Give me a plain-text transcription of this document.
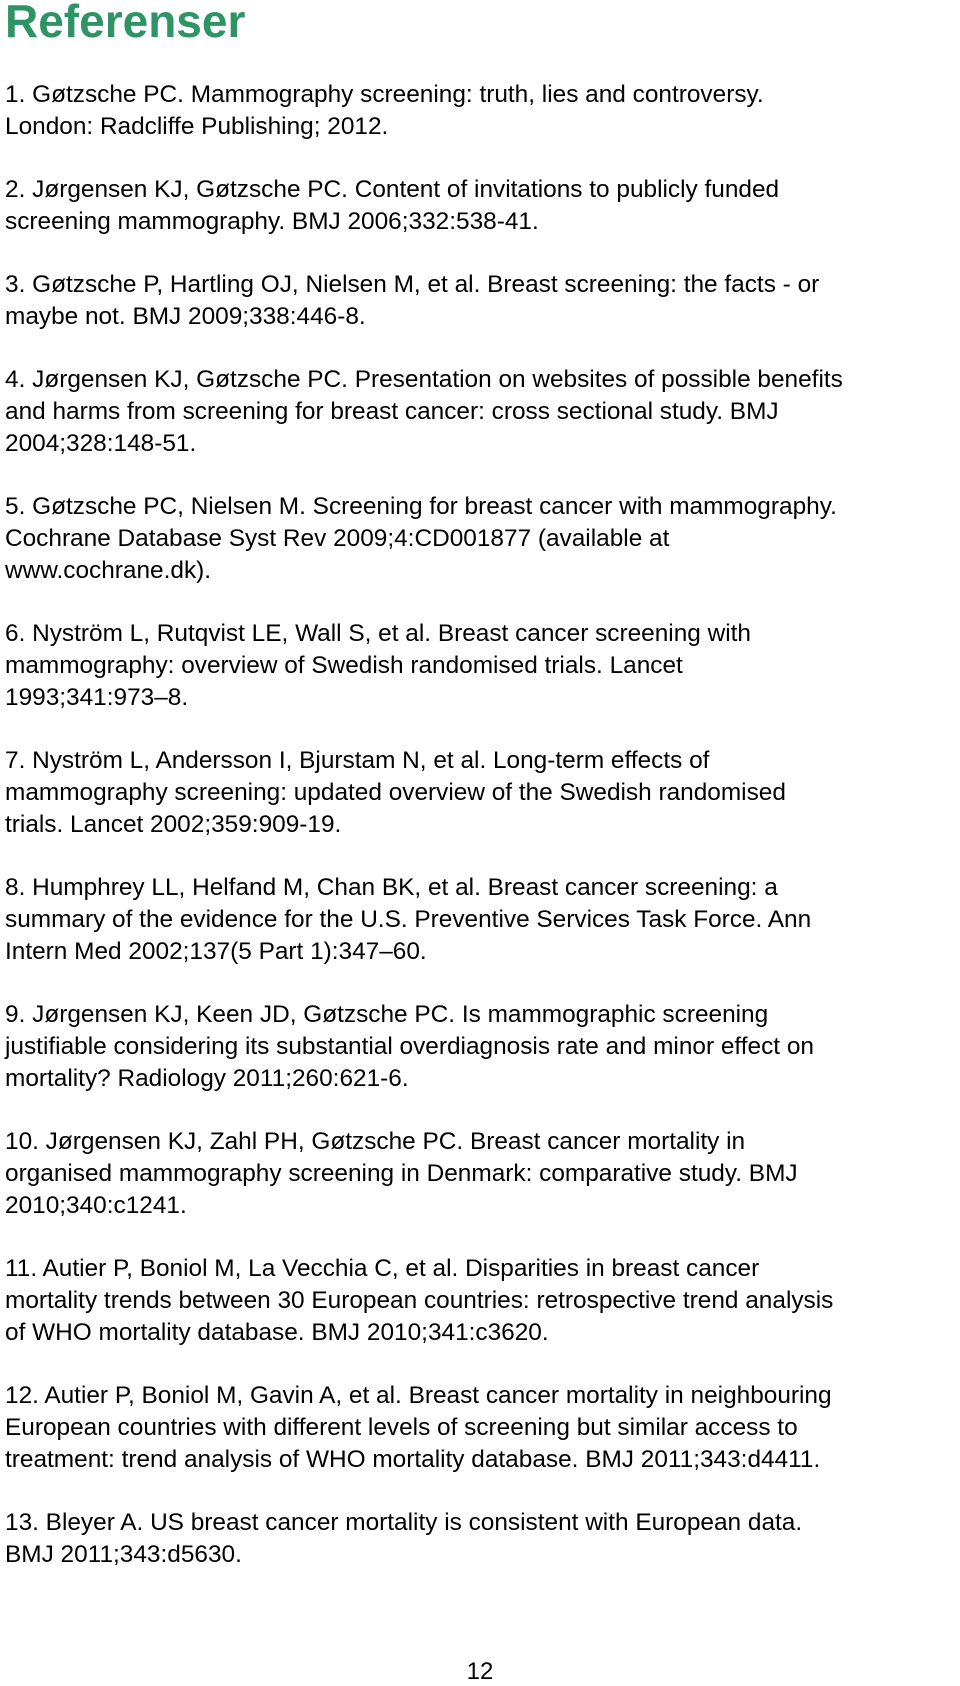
Referenser
1. Gøtzsche PC. Mammography screening: truth, lies and controversy.
London: Radcliffe Publishing; 2012.
2. Jørgensen KJ, Gøtzsche PC. Content of invitations to publicly funded
screening mammography. BMJ 2006;332:538-41.
3. Gøtzsche P, Hartling OJ, Nielsen M, et al. Breast screening: the facts - or
maybe not. BMJ 2009;338:446-8.
4. Jørgensen KJ, Gøtzsche PC. Presentation on websites of possible benefits
and harms from screening for breast cancer: cross sectional study. BMJ
2004;328:148-51.
5. Gøtzsche PC, Nielsen M. Screening for breast cancer with mammography.
Cochrane Database Syst Rev 2009;4:CD001877 (available at
www.cochrane.dk).
6. Nyström L, Rutqvist LE, Wall S, et al. Breast cancer screening with
mammography: overview of Swedish randomised trials. Lancet
1993;341:973–8.
7. Nyström L, Andersson I, Bjurstam N, et al. Long-term effects of
mammography screening: updated overview of the Swedish randomised
trials. Lancet 2002;359:909-19.
8. Humphrey LL, Helfand M, Chan BK, et al. Breast cancer screening: a
summary of the evidence for the U.S. Preventive Services Task Force. Ann
Intern Med 2002;137(5 Part 1):347–60.
9. Jørgensen KJ, Keen JD, Gøtzsche PC. Is mammographic screening
justifiable considering its substantial overdiagnosis rate and minor effect on
mortality? Radiology 2011;260:621-6.
10. Jørgensen KJ, Zahl PH, Gøtzsche PC. Breast cancer mortality in
organised mammography screening in Denmark: comparative study. BMJ
2010;340:c1241.
11. Autier P, Boniol M, La Vecchia C, et al. Disparities in breast cancer
mortality trends between 30 European countries: retrospective trend analysis
of WHO mortality database. BMJ 2010;341:c3620.
12. Autier P, Boniol M, Gavin A, et al. Breast cancer mortality in neighbouring
European countries with different levels of screening but similar access to
treatment: trend analysis of WHO mortality database. BMJ 2011;343:d4411.
13. Bleyer A. US breast cancer mortality is consistent with European data.
BMJ 2011;343:d5630.
12
